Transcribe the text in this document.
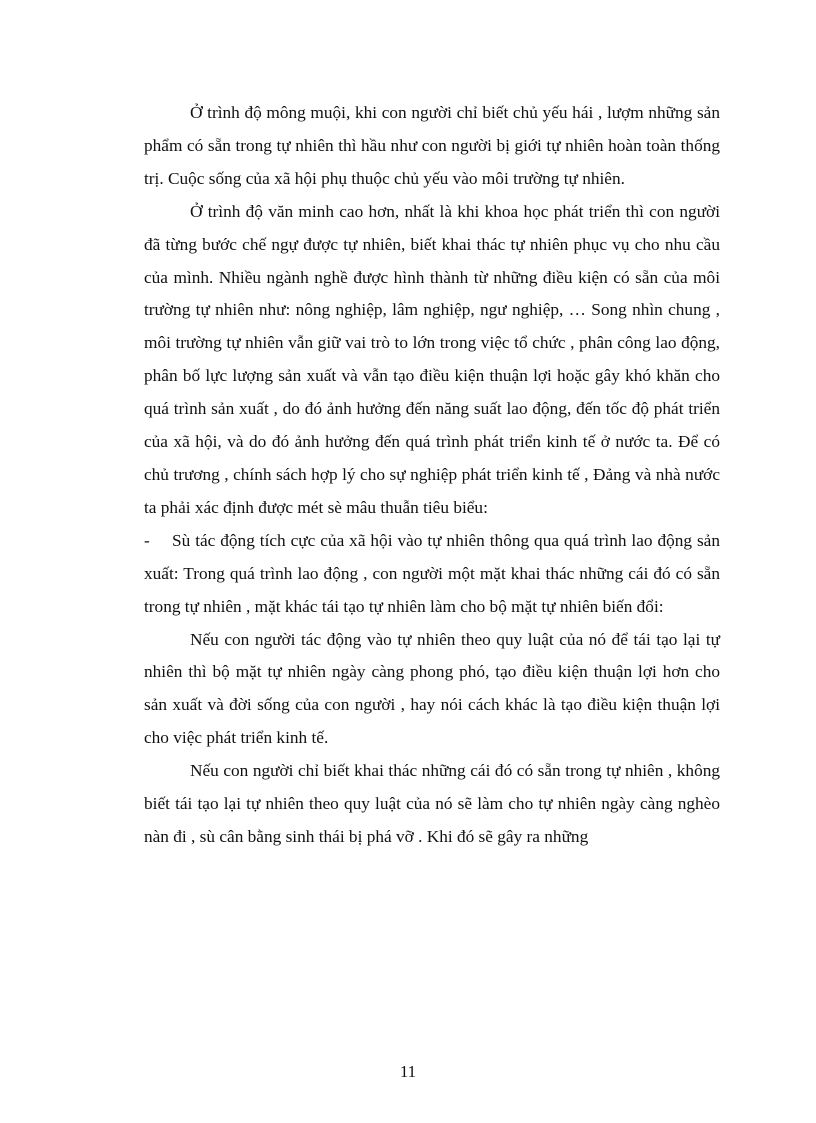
Ở trình độ mông muội, khi con người chỉ biết chủ yếu hái , lượm những sản phẩm có sẵn trong tự nhiên thì hầu như con người bị giới tự nhiên hoàn toàn thống trị. Cuộc sống của xã hội phụ thuộc chủ yếu vào môi trường tự nhiên.

Ở trình độ văn minh cao hơn, nhất là khi khoa học phát triển thì con người đã từng bước chế ngự được tự nhiên, biết khai thác tự nhiên phục vụ cho nhu cầu của mình. Nhiều ngành nghề được hình thành từ những điều kiện có sẵn của môi trường tự nhiên như: nông nghiệp, lâm nghiệp, ngư nghiệp, … Song nhìn chung , môi trường tự nhiên vẫn giữ vai trò to lớn trong việc tổ chức , phân công lao động, phân bố lực lượng sản xuất và vẫn tạo điều kiện thuận lợi hoặc gây khó khăn cho quá trình sản xuất , do đó ảnh hưởng đến năng suất lao động, đến tốc độ phát triển của xã hội, và do đó ảnh hưởng đến quá trình phát triển kinh tế ở nước ta. Để có chủ trương , chính sách hợp lý cho sự nghiệp phát triển kinh tế , Đảng và nhà nước ta phải xác định được mét sè mâu thuẫn tiêu biểu:

- Sù tác động tích cực của xã hội vào tự nhiên thông qua quá trình lao động sản xuất: Trong quá trình lao động , con người một mặt khai thác những cái đó có sẵn trong tự nhiên , mặt khác tái tạo tự nhiên làm cho bộ mặt tự nhiên biến đổi:

Nếu con người tác động vào tự nhiên theo quy luật của nó để tái tạo lại tự nhiên thì bộ mặt tự nhiên ngày càng phong phó, tạo điều kiện thuận lợi hơn cho sản xuất và đời sống của con người , hay nói cách khác là tạo điều kiện thuận lợi cho việc phát triển kinh tế.

Nếu con người chỉ biết khai thác những cái đó có sẵn trong tự nhiên , không biết tái tạo lại tự nhiên theo quy luật của nó sẽ làm cho tự nhiên ngày càng nghèo nàn đi , sù cân bằng sinh thái bị phá vỡ . Khi đó sẽ gây ra những

11
